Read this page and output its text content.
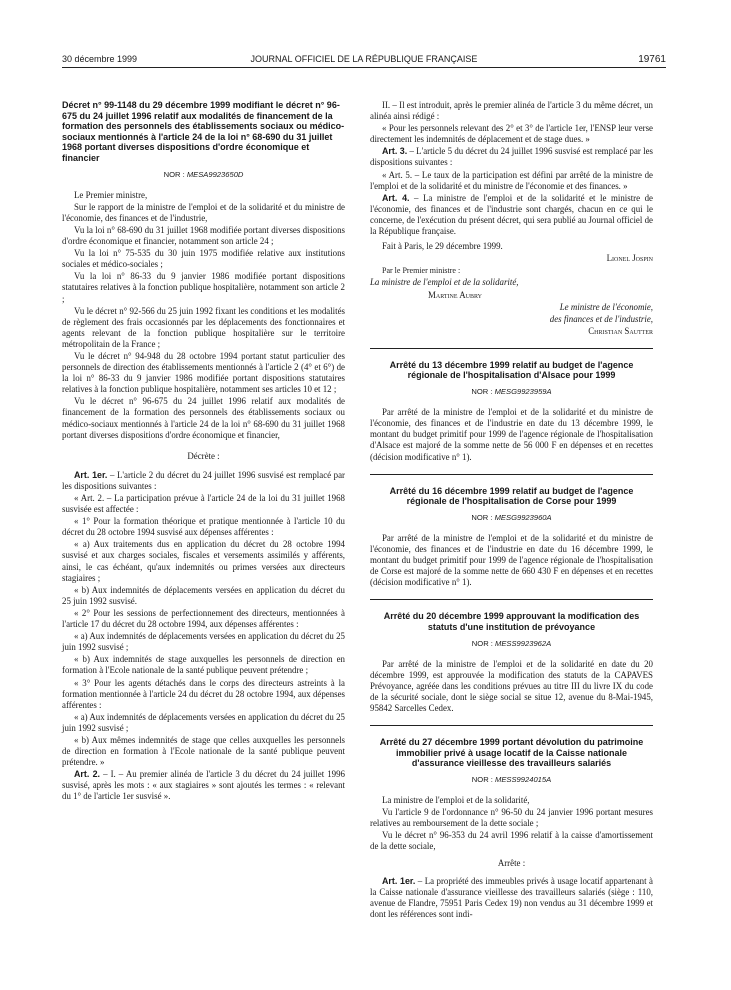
30 décembre 1999	JOURNAL OFFICIEL DE LA RÉPUBLIQUE FRANÇAISE	19761
Décret n° 99-1148 du 29 décembre 1999 modifiant le décret n° 96-675 du 24 juillet 1996 relatif aux modalités de financement de la formation des personnels des établissements sociaux ou médico-sociaux mentionnés à l'article 24 de la loi n° 68-690 du 31 juillet 1968 portant diverses dispositions d'ordre économique et financier
NOR : MESA9923650D

Le Premier ministre,

Sur le rapport de la ministre de l'emploi et de la solidarité et du ministre de l'économie, des finances et de l'industrie,

Vu la loi n° 68-690 du 31 juillet 1968 modifiée portant diverses dispositions d'ordre économique et financier, notamment son article 24 ;

Vu la loi n° 75-535 du 30 juin 1975 modifiée relative aux institutions sociales et médico-sociales ;

Vu la loi n° 86-33 du 9 janvier 1986 modifiée portant dispositions statutaires relatives à la fonction publique hospitalière, notamment son article 2 ;

Vu le décret n° 92-566 du 25 juin 1992 fixant les conditions et les modalités de règlement des frais occasionnés par les déplacements des fonctionnaires et agents relevant de la fonction publique hospitalière sur le territoire métropolitain de la France ;

Vu le décret n° 94-948 du 28 octobre 1994 portant statut particulier des personnels de direction des établissements mentionnés à l'article 2 (4° et 6°) de la loi n° 86-33 du 9 janvier 1986 modifiée portant dispositions statutaires relatives à la fonction publique hospitalière, notamment ses articles 10 et 12 ;

Vu le décret n° 96-675 du 24 juillet 1996 relatif aux modalités de financement de la formation des personnels des établissements sociaux ou médico-sociaux mentionnés à l'article 24 de la loi n° 68-690 du 31 juillet 1968 portant diverses dispositions d'ordre économique et financier,

Décrète :

Art. 1er. – L'article 2 du décret du 24 juillet 1996 susvisé est remplacé par les dispositions suivantes :

« Art. 2. – La participation prévue à l'article 24 de la loi du 31 juillet 1968 susvisée est affectée :

« 1° Pour la formation théorique et pratique mentionnée à l'article 10 du décret du 28 octobre 1994 susvisé aux dépenses afférentes :

« a) Aux traitements dus en application du décret du 28 octobre 1994 susvisé et aux charges sociales, fiscales et versements assimilés y afférents, ainsi, le cas échéant, qu'aux indemnités ou primes versées aux directeurs stagiaires ;

« b) Aux indemnités de déplacements versées en application du décret du 25 juin 1992 susvisé.

« 2° Pour les sessions de perfectionnement des directeurs, mentionnées à l'article 17 du décret du 28 octobre 1994, aux dépenses afférentes :

« a) Aux indemnités de déplacements versées en application du décret du 25 juin 1992 susvisé ;

« b) Aux indemnités de stage auxquelles les personnels de direction en formation à l'Ecole nationale de la santé publique peuvent prétendre ;

« 3° Pour les agents détachés dans le corps des directeurs astreints à la formation mentionnée à l'article 24 du décret du 28 octobre 1994, aux dépenses afférentes :

« a) Aux indemnités de déplacements versées en application du décret du 25 juin 1992 susvisé ;

« b) Aux mêmes indemnités de stage que celles auxquelles les personnels de direction en formation à l'Ecole nationale de la santé publique peuvent prétendre. »

Art. 2. – I. – Au premier alinéa de l'article 3 du décret du 24 juillet 1996 susvisé, après les mots : « aux stagiaires » sont ajoutés les termes : « relevant du 1° de l'article 1er susvisé ».

II. – Il est introduit, après le premier alinéa de l'article 3 du même décret, un alinéa ainsi rédigé :

« Pour les personnels relevant des 2° et 3° de l'article 1er, l'ENSP leur verse directement les indemnités de déplacement et de stage dues. »

Art. 3. – L'article 5 du décret du 24 juillet 1996 susvisé est remplacé par les dispositions suivantes :

« Art. 5. – Le taux de la participation est défini par arrêté de la ministre de l'emploi et de la solidarité et du ministre de l'économie et des finances. »

Art. 4. – La ministre de l'emploi et de la solidarité et le ministre de l'économie, des finances et de l'industrie sont chargés, chacun en ce qui le concerne, de l'exécution du présent décret, qui sera publié au Journal officiel de la République française.

Fait à Paris, le 29 décembre 1999.

Lionel Jospin

Par le Premier ministre :

La ministre de l'emploi et de la solidarité,

Martine Aubry

Le ministre de l'économie,

des finances et de l'industrie,

Christian Sautter

Arrêté du 13 décembre 1999 relatif au budget de l'agence régionale de l'hospitalisation d'Alsace pour 1999
NOR : MESG9923959A

Par arrêté de la ministre de l'emploi et de la solidarité et du ministre de l'économie, des finances et de l'industrie en date du 13 décembre 1999, le montant du budget primitif pour 1999 de l'agence régionale de l'hospitalisation d'Alsace est majoré de la somme nette de 56 000 F en dépenses et en recettes (décision modificative n° 1).

Arrêté du 16 décembre 1999 relatif au budget de l'agence régionale de l'hospitalisation de Corse pour 1999
NOR : MESG9923960A

Par arrêté de la ministre de l'emploi et de la solidarité et du ministre de l'économie, des finances et de l'industrie en date du 16 décembre 1999, le montant du budget primitif pour 1999 de l'agence régionale de l'hospitalisation de Corse est majoré de la somme nette de 660 430 F en dépenses et en recettes (décision modificative n° 1).

Arrêté du 20 décembre 1999 approuvant la modification des statuts d'une institution de prévoyance
NOR : MESS9923962A

Par arrêté de la ministre de l'emploi et de la solidarité en date du 20 décembre 1999, est approuvée la modification des statuts de la CAPAVES Prévoyance, agréée dans les conditions prévues au titre III du livre IX du code de la sécurité sociale, dont le siège social se situe 12, avenue du 8-Mai-1945, 95842 Sarcelles Cedex.

Arrêté du 27 décembre 1999 portant dévolution du patrimoine immobilier privé à usage locatif de la Caisse nationale d'assurance vieillesse des travailleurs salariés
NOR : MESS9924015A

La ministre de l'emploi et de la solidarité,

Vu l'article 9 de l'ordonnance n° 96-50 du 24 janvier 1996 portant mesures relatives au remboursement de la dette sociale ;

Vu le décret n° 96-353 du 24 avril 1996 relatif à la caisse d'amortissement de la dette sociale,

Arrête :

Art. 1er. – La propriété des immeubles privés à usage locatif appartenant à la Caisse nationale d'assurance vieillesse des travailleurs salariés (siège : 110, avenue de Flandre, 75951 Paris Cedex 19) non vendus au 31 décembre 1999 et dont les références sont indi-
